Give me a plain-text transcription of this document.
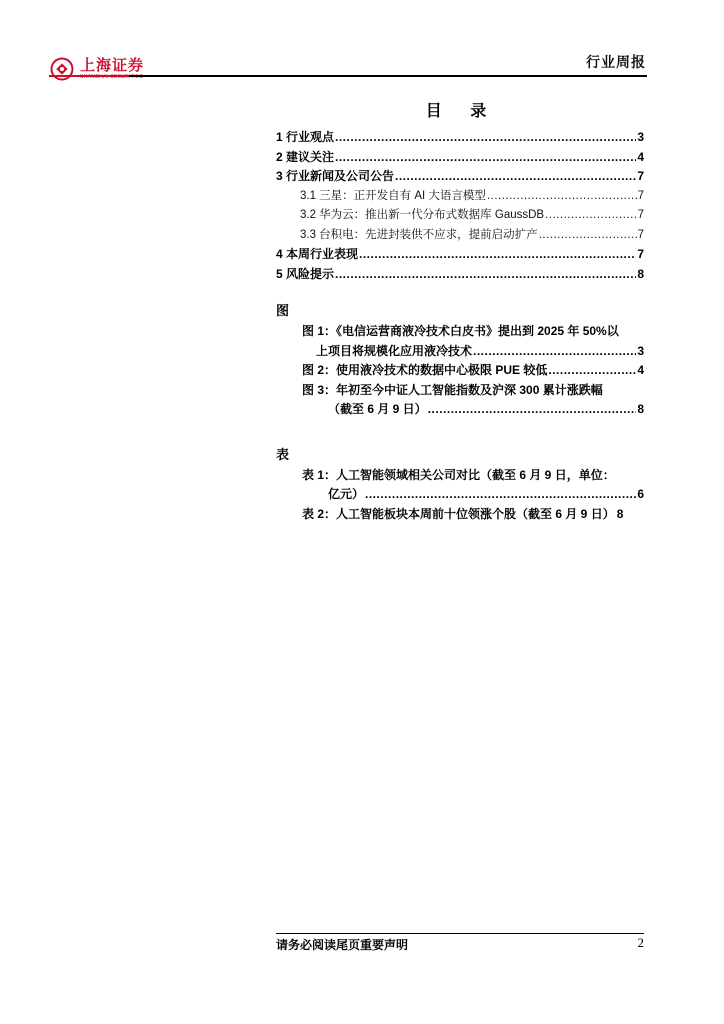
上海证券
SHANGHAI SECURITIES
行业周报
目 录
1 行业观点 .....	3
2 建议关注 .....	4
3 行业新闻及公司公告 .....	7
3.1 三星：正开发自有 AI 大语言模型 .....	7
3.2 华为云：推出新一代分布式数据库 GaussDB .....	7
3.3 台积电：先进封装供不应求，提前启动扩产 .....	7
4 本周行业表现 .....	7
5 风险提示 .....	8
图
图 1：《电信运营商液冷技术白皮书》提出到 2025 年 50%以
上项目将规模化应用液冷技术 .....	3
图 2：使用液冷技术的数据中心极限 PUE 较低 .....	4
图 3：年初至今中证人工智能指数及沪深 300 累计涨跌幅
（截至 6 月 9 日） .....	8
表
表 1：人工智能领域相关公司对比（截至 6 月 9 日，单位：
亿元） .....	6
表 2：人工智能板块本周前十位领涨个股（截至 6 月 9 日） 8
请务必阅读尾页重要声明	2
